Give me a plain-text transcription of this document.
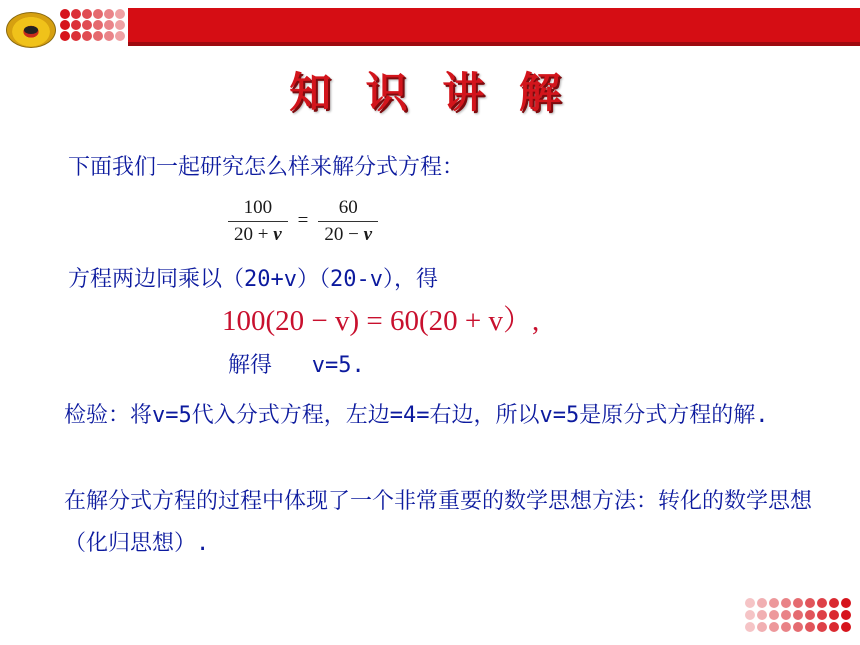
知 识 讲 解
下面我们一起研究怎么样来解分式方程：
$\frac{100}{20 + v} = \frac{60}{20 - v}$
方程两边同乘以（20+v）（20-v），得
100(20 − v) = 60(20 + v）,
解得 v=5.
检验：将v=5代入分式方程，左边=4=右边，所以v=5是原分式方程的解.
在解分式方程的过程中体现了一个非常重要的数学思想方法：转化的数学思想（化归思想）.
